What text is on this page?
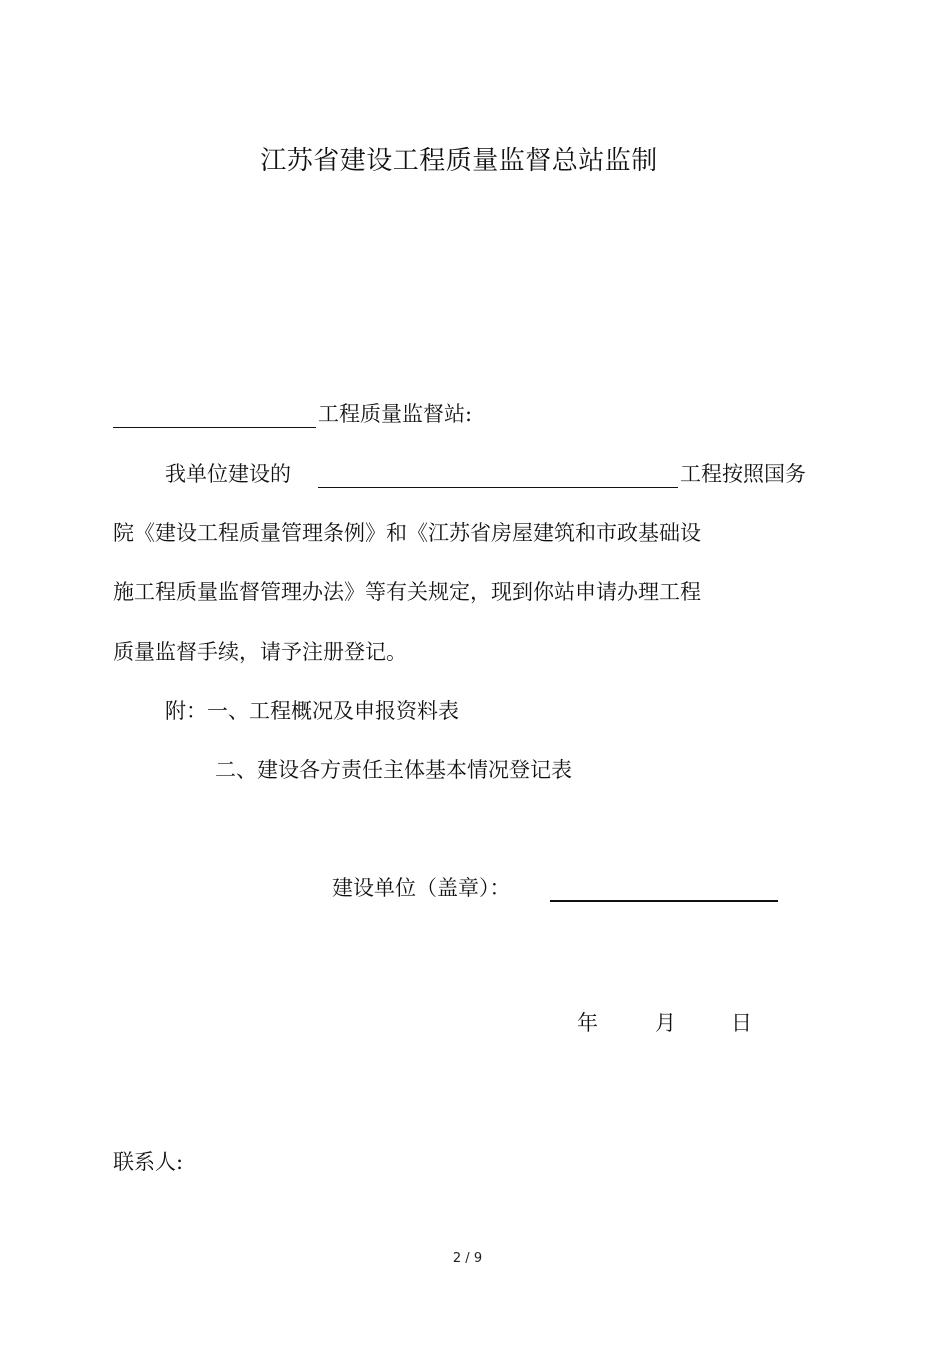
江苏省建设工程质量监督总站监制
工程质量监督站:
我单位建设的	工程按照国务
院《建设工程质量管理条例》和《江苏省房屋建筑和市政基础设
施工程质量监督管理办法》等有关规定，现到你站申请办理工程
质量监督手续，请予注册登记。
附：一、工程概况及申报资料表
二、建设各方责任主体基本情况登记表
建设单位（盖章）：
年	月	日
联系人:
2 / 9
